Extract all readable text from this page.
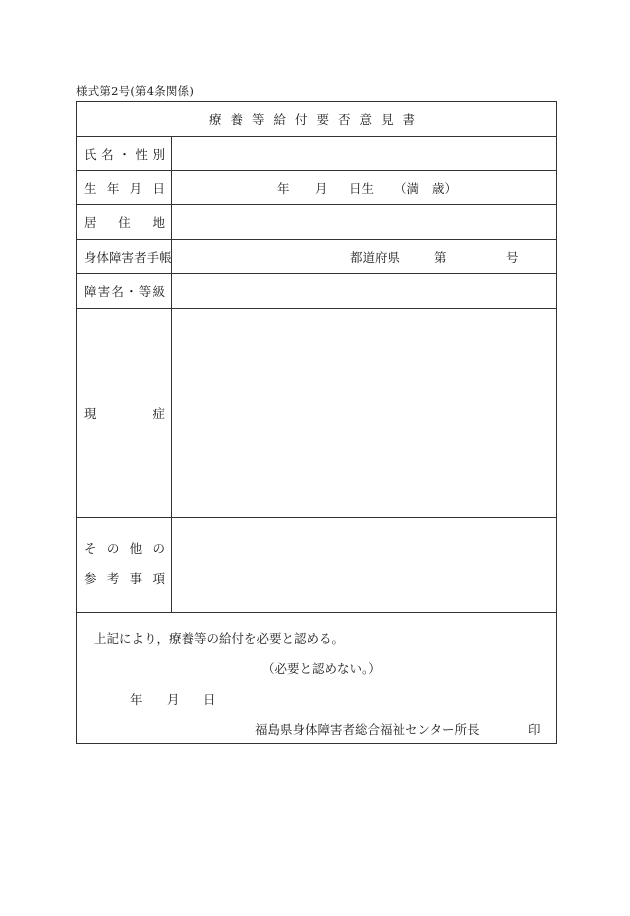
様式第2号(第4条関係)
療養等給付要否意見書
氏 名 ・ 性 別
生 年 月 日	年 月 日生 （満 歳）
居 住 地
身 体 障 害 者 手 帳	都道府県	第	号
障 害 名 ・ 等 級
現	症
そ の 他 の
参 考 事 項
上記により，療養等の給付を必要と認める。
（必要と認めない。）
年 月 日
福島県身体障害者総合福祉センター所長	印
